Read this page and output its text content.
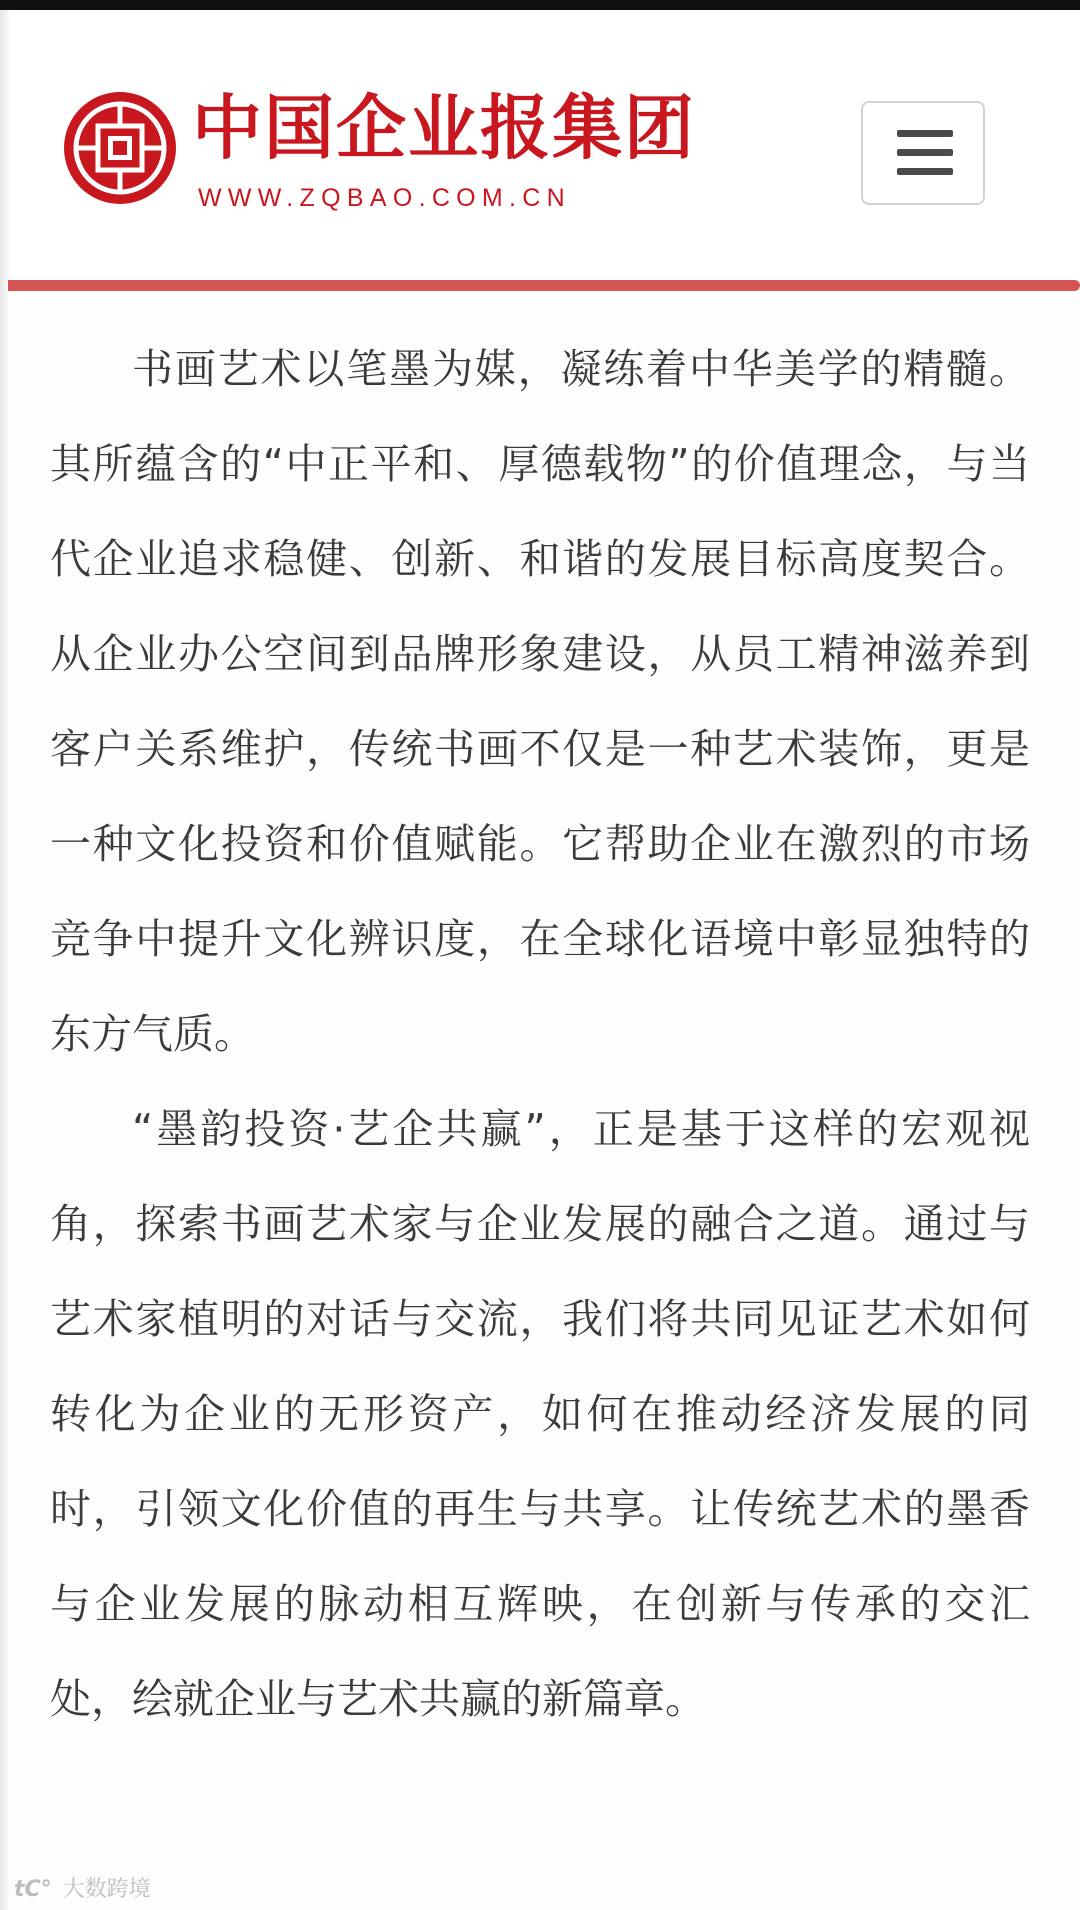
中国企业报集团
WWW.ZQBAO.COM.CN

书画艺术以笔墨为媒，凝练着中华美学的精髓。其所蕴含的“中正平和、厚德载物”的价值理念，与当代企业追求稳健、创新、和谐的发展目标高度契合。从企业办公空间到品牌形象建设，从员工精神滋养到客户关系维护，传统书画不仅是一种艺术装饰，更是一种文化投资和价值赋能。它帮助企业在激烈的市场竞争中提升文化辨识度，在全球化语境中彰显独特的东方气质。

“墨韵投资·艺企共赢”，正是基于这样的宏观视角，探索书画艺术家与企业发展的融合之道。通过与艺术家植明的对话与交流，我们将共同见证艺术如何转化为企业的无形资产，如何在推动经济发展的同时，引领文化价值的再生与共享。让传统艺术的墨香与企业发展的脉动相互辉映，在创新与传承的交汇处，绘就企业与艺术共赢的新篇章。

tC° 大数跨境
